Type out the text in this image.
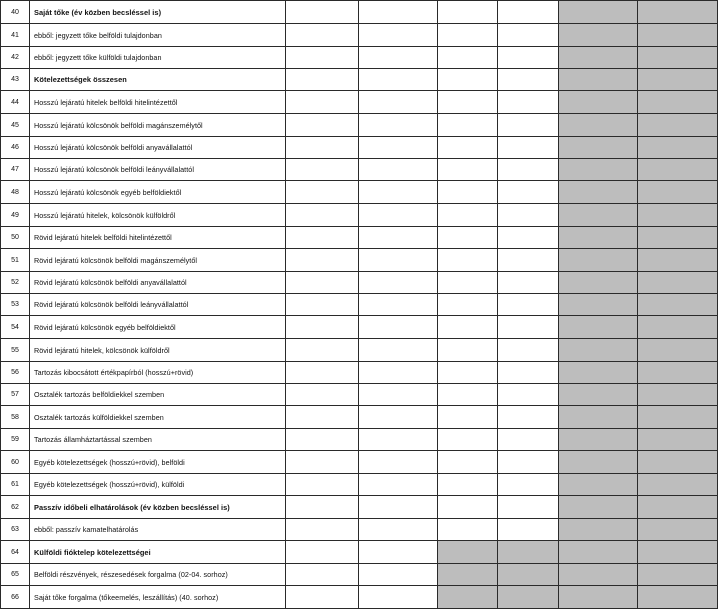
40	Saját tőke (év közben becsléssel is)						
41	ebből: jegyzett tőke belföldi tulajdonban						
42	ebből: jegyzett tőke külföldi tulajdonban						
43	Kötelezettségek összesen						
44	Hosszú lejáratú hitelek belföldi hitelintézettől						
45	Hosszú lejáratú kölcsönök belföldi magánszemélytől						
46	Hosszú lejáratú kölcsönök belföldi anyavállalattól						
47	Hosszú lejáratú kölcsönök belföldi leányvállalattól						
48	Hosszú lejáratú kölcsönök egyéb belföldiektől						
49	Hosszú lejáratú hitelek, kölcsönök külföldről						
50	Rövid lejáratú hitelek belföldi hitelintézettől						
51	Rövid lejáratú kölcsönök belföldi magánszemélytől						
52	Rövid lejáratú kölcsönök belföldi anyavállalattól						
53	Rövid lejáratú kölcsönök belföldi leányvállalattól						
54	Rövid lejáratú kölcsönök egyéb belföldiektől						
55	Rövid lejáratú hitelek, kölcsönök külföldről						
56	Tartozás kibocsátott értékpapírból (hosszú+rövid)						
57	Osztalék tartozás belföldiekkel szemben						
58	Osztalék tartozás külföldiekkel szemben						
59	Tartozás államháztartással szemben						
60	Egyéb kötelezettségek (hosszú+rövid), belföldi						
61	Egyéb kötelezettségek (hosszú+rövid), külföldi						
62	Passzív időbeli elhatárolások (év közben becsléssel is)						
63	ebből: passzív kamatelhatárolás						
64	Külföldi fióktelep kötelezettségei						
65	Belföldi részvények, részesedések forgalma (02-04. sorhoz)						
66	Saját tőke forgalma (tőkeemelés, leszállítás) (40. sorhoz)						
